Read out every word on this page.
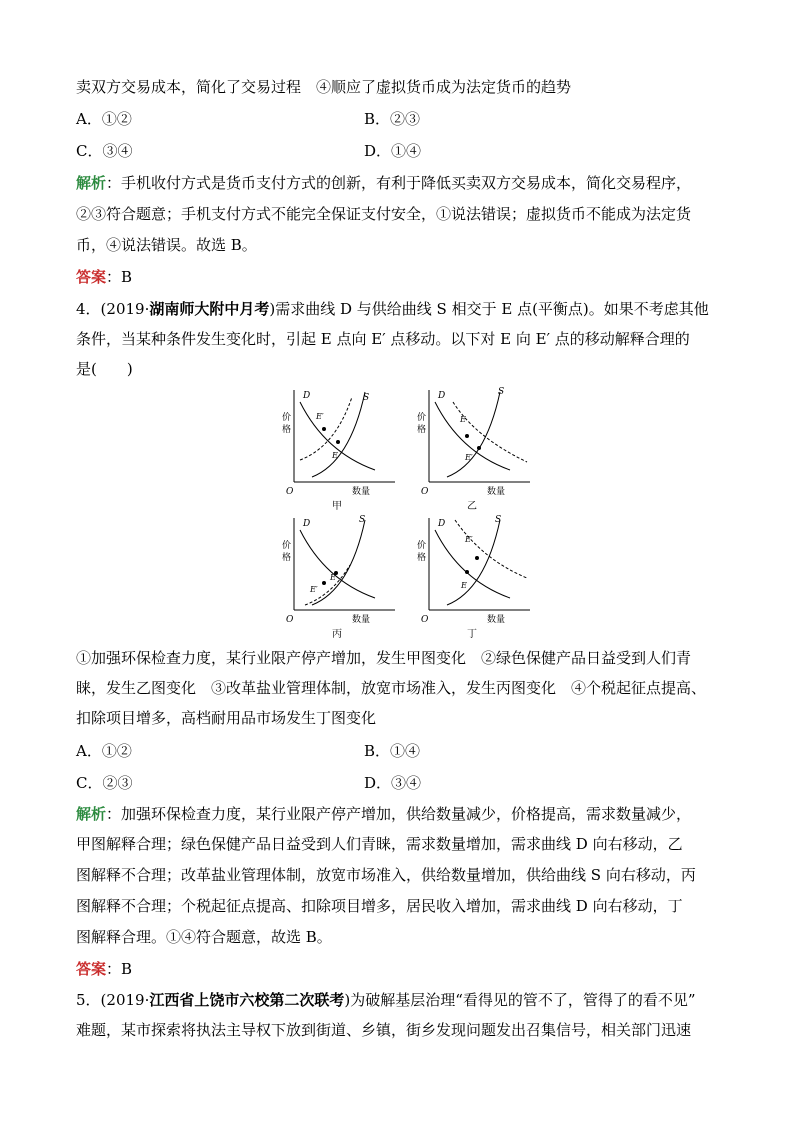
卖双方交易成本，简化了交易过程　④顺应了虚拟货币成为法定货币的趋势
A．①②	B．②③
C．③④	D．①④
解析：手机收付方式是货币支付方式的创新，有利于降低买卖双方交易成本，简化交易程序，
②③符合题意；手机支付方式不能完全保证支付安全，①说法错误；虚拟货币不能成为法定货
币，④说法错误。故选 B。
答案：B
4．(2019·湖南师大附中月考)需求曲线 D 与供给曲线 S 相交于 E 点(平衡点)。如果不考虑其他
条件，当某种条件发生变化时，引起 E 点向 E′ 点移动。以下对 E 向 E′ 点的移动解释合理的
是(　　)
价
格
O	数量
D	S
E
E′
甲
价
格
O	数量
D	S
E
E′
乙
价
格
O	数量
D	S
E
E′
丙
价
格
O	数量
D	S
E
E′
丁
①加强环保检查力度，某行业限产停产增加，发生甲图变化　②绿色保健产品日益受到人们青
睐，发生乙图变化　③改革盐业管理体制，放宽市场准入，发生丙图变化　④个税起征点提高、
扣除项目增多，高档耐用品市场发生丁图变化
A．①②	B．①④
C．②③	D．③④
解析：加强环保检查力度，某行业限产停产增加，供给数量减少，价格提高，需求数量减少，
甲图解释合理；绿色保健产品日益受到人们青睐，需求数量增加，需求曲线 D 向右移动，乙
图解释不合理；改革盐业管理体制，放宽市场准入，供给数量增加，供给曲线 S 向右移动，丙
图解释不合理；个税起征点提高、扣除项目增多，居民收入增加，需求曲线 D 向右移动，丁
图解释合理。①④符合题意，故选 B。
答案：B
5．(2019·江西省上饶市六校第二次联考)为破解基层治理“看得见的管不了，管得了的看不见”
难题，某市探索将执法主导权下放到街道、乡镇，街乡发现问题发出召集信号，相关部门迅速
